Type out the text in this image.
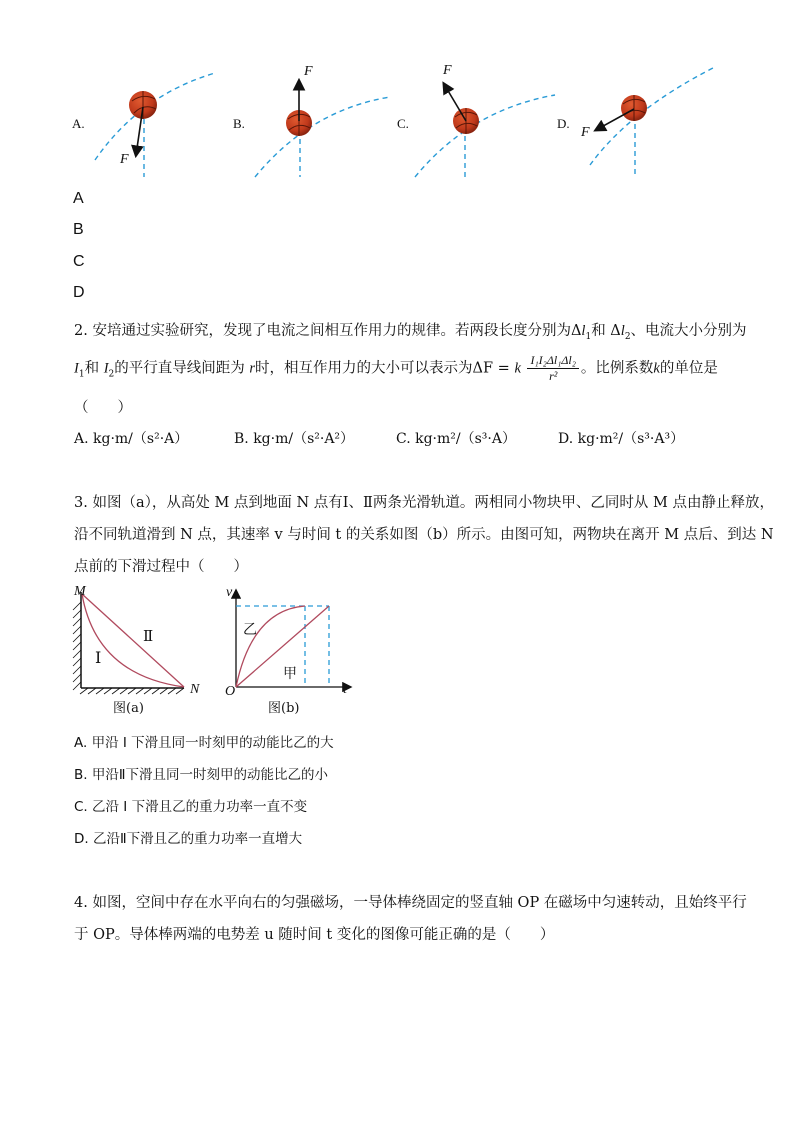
A.	B.	C.	D.
F
F	F
F
A
B
C
D
2. 安培通过实验研究，发现了电流之间相互作用力的规律。若两段长度分别为$\Delta l_1$和 $\Delta l_2$、电流大小分别为
$I_1$和 $I_2$的平行直导线间距为 r时，相互作用力的大小可以表示为ΔF = k $\frac{\text{I₁I₂Δl₁Δl₂}}{\text{r²}}$ 。比例系数k的单位是
（　　）
A. kg·m/（s²·A）	B. kg·m/（s²·A²）	C. kg·m²/（s³·A）	D. kg·m²/（s³·A³）
3. 如图（a），从高处 M 点到地面 N 点有Ⅰ、Ⅱ两条光滑轨道。两相同小物块甲、乙同时从 M 点由静止释放，
沿不同轨道滑到 N 点，其速率 v 与时间 t 的关系如图（b）所示。由图可知，两物块在离开 M 点后、到达 N
点前的下滑过程中（　　）
M
N
I
Ⅱ
图(a)
v
t
O
乙
甲
图(b)
A. 甲沿 I 下滑且同一时刻甲的动能比乙的大
B. 甲沿Ⅱ下滑且同一时刻甲的动能比乙的小
C. 乙沿 I 下滑且乙的重力功率一直不变
D. 乙沿Ⅱ下滑且乙的重力功率一直增大
4. 如图，空间中存在水平向右的匀强磁场，一导体棒绕固定的竖直轴 OP 在磁场中匀速转动，且始终平行
于 OP。导体棒两端的电势差 u 随时间 t 变化的图像可能正确的是（　　）
